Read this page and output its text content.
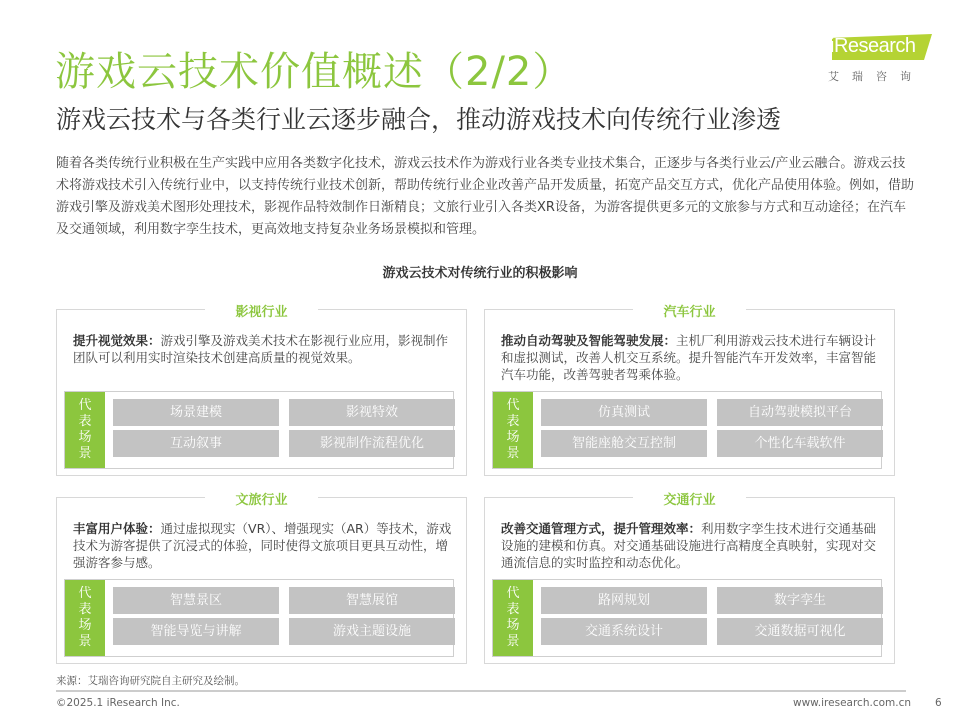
游戏云技术价值概述（2/2）
游戏云技术与各类行业云逐步融合，推动游戏技术向传统行业渗透
iResearch
艾瑞咨询
随着各类传统行业积极在生产实践中应用各类数字化技术，游戏云技术作为游戏行业各类专业技术集合，正逐步与各类行业云/产业云融合。游戏云技术将游戏技术引入传统行业中，以支持传统行业技术创新，帮助传统行业企业改善产品开发质量，拓宽产品交互方式，优化产品使用体验。例如，借助游戏引擎及游戏美术图形处理技术，影视作品特效制作日渐精良；文旅行业引入各类XR设备，为游客提供更多元的文旅参与方式和互动途径；在汽车及交通领域，利用数字孪生技术，更高效地支持复杂业务场景模拟和管理。
游戏云技术对传统行业的积极影响
影视行业
提升视觉效果：游戏引擎及游戏美术技术在影视行业应用，影视制作团队可以利用实时渲染技术创建高质量的视觉效果。
代表场景
场景建模	影视特效
互动叙事	影视制作流程优化
汽车行业
推动自动驾驶及智能驾驶发展：主机厂利用游戏云技术进行车辆设计和虚拟测试，改善人机交互系统。提升智能汽车开发效率，丰富智能汽车功能，改善驾驶者驾乘体验。
代表场景
仿真测试	自动驾驶模拟平台
智能座舱交互控制	个性化车载软件
文旅行业
丰富用户体验：通过虚拟现实（VR）、增强现实（AR）等技术，游戏技术为游客提供了沉浸式的体验，同时使得文旅项目更具互动性，增强游客参与感。
代表场景
智慧景区	智慧展馆
智能导览与讲解	游戏主题设施
交通行业
改善交通管理方式，提升管理效率：利用数字孪生技术进行交通基础设施的建模和仿真。对交通基础设施进行高精度全真映射，实现对交通流信息的实时监控和动态优化。
代表场景
路网规划	数字孪生
交通系统设计	交通数据可视化
来源：艾瑞咨询研究院自主研究及绘制。
©2025.1 iResearch Inc.	www.iresearch.com.cn 6
